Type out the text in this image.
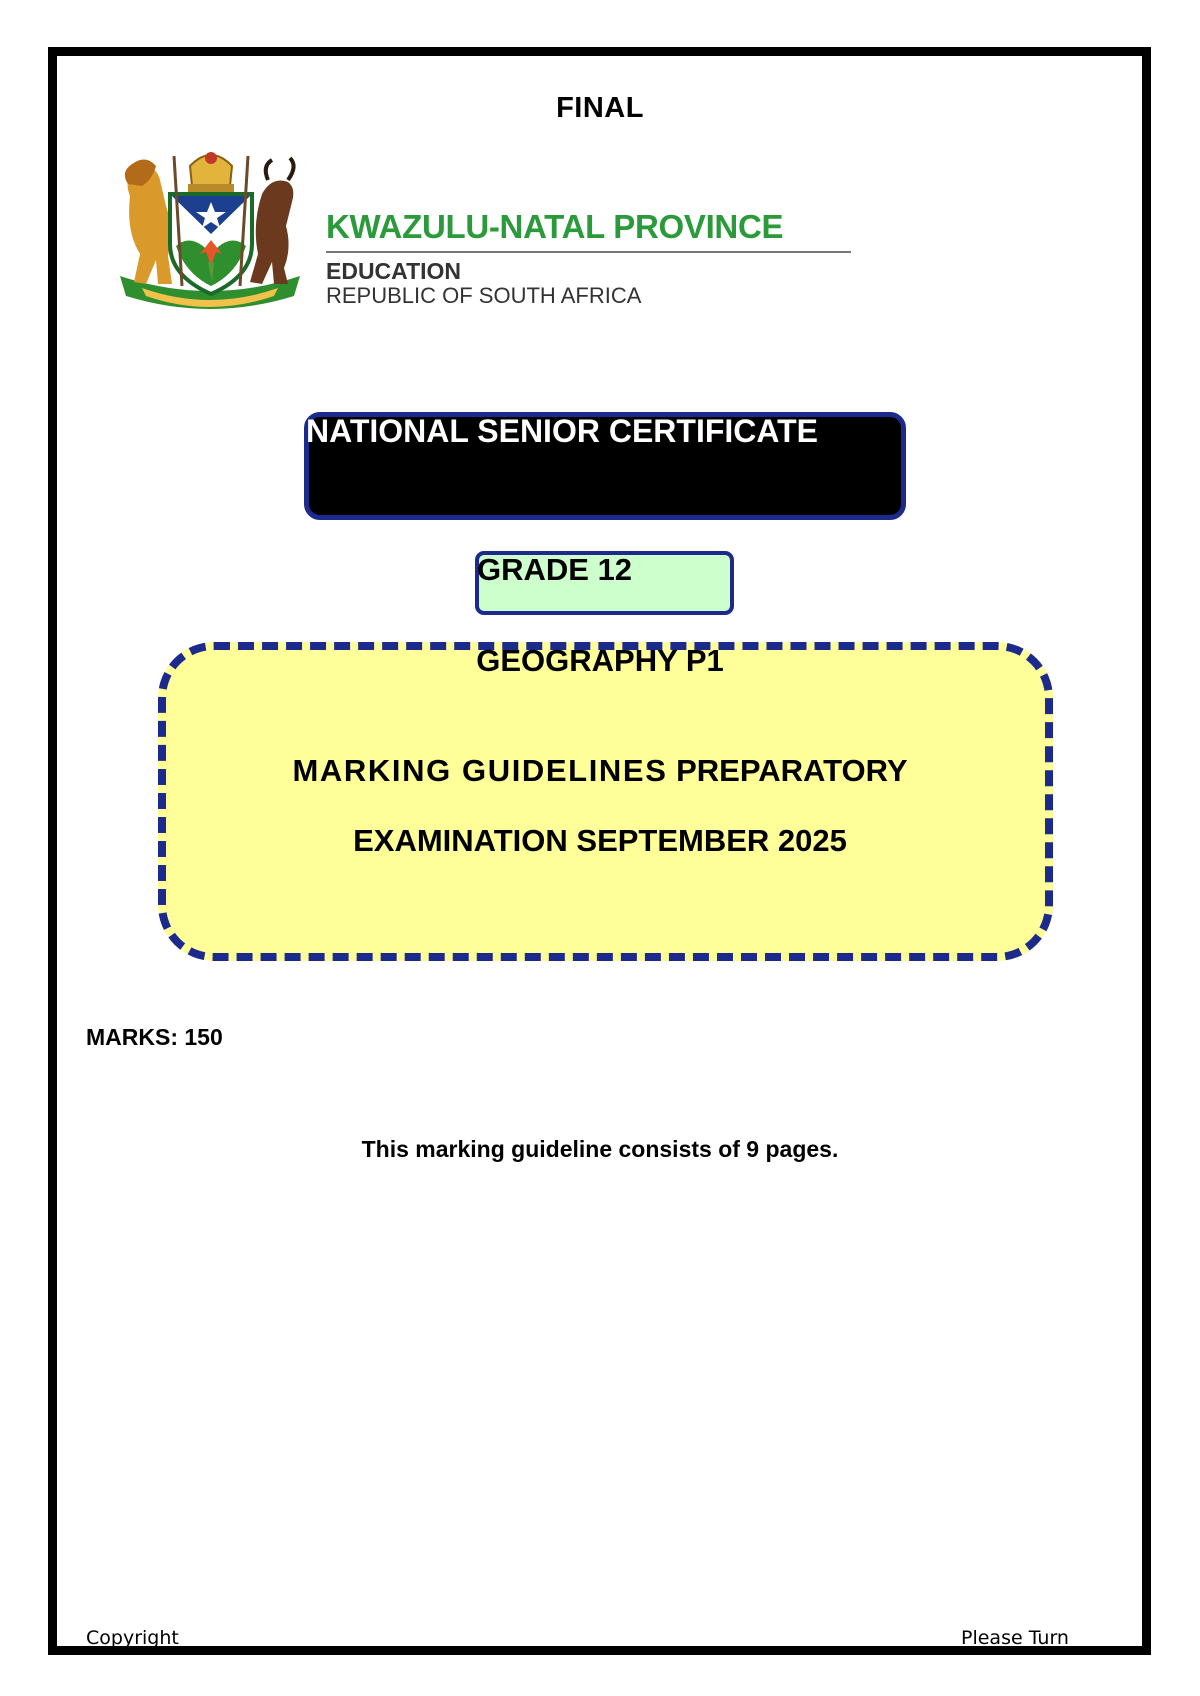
FINAL
KWAZULU-NATAL PROVINCE
EDUCATION
REPUBLIC OF SOUTH AFRICA
NATIONAL SENIOR CERTIFICATE
GRADE 12
GEOGRAPHY P1
MARKING GUIDELINES PREPARATORY
EXAMINATION SEPTEMBER 2025
MARKS: 150
This marking guideline consists of 9 pages.
Copyright	Please Turn
